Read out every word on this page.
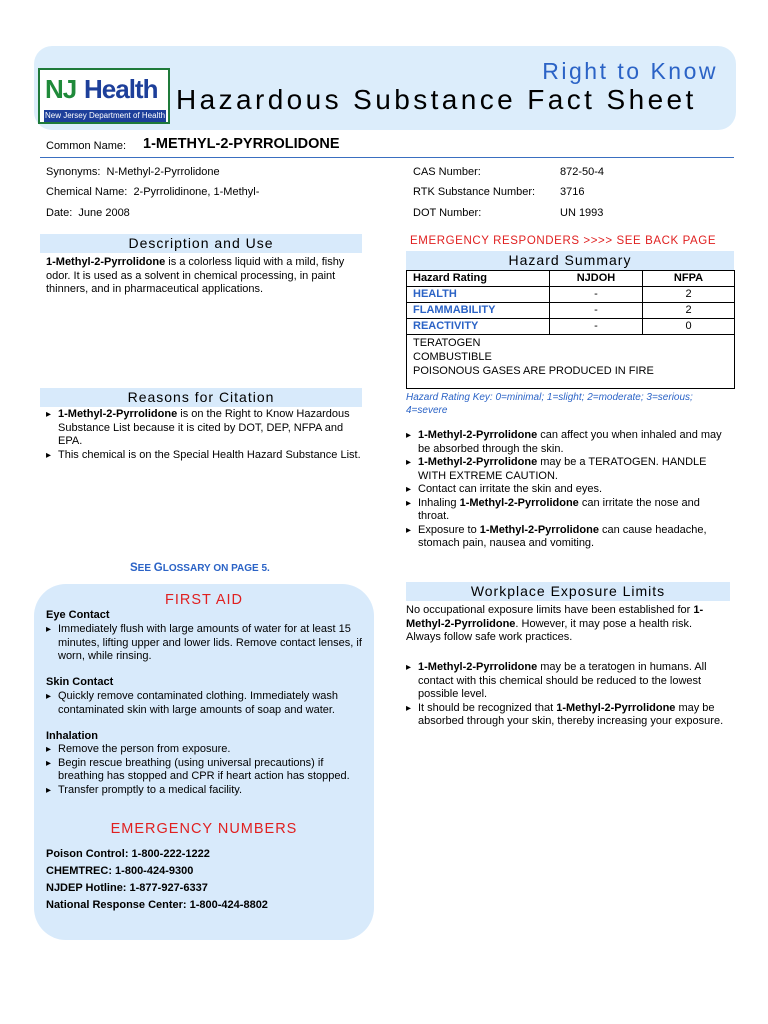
NJ Health
New Jersey Department of Health
Right to Know
Hazardous Substance Fact Sheet
Common Name: 1-METHYL-2-PYRROLIDONE
Synonyms: N-Methyl-2-Pyrrolidone
Chemical Name: 2-Pyrrolidinone, 1-Methyl-
Date: June 2008
CAS Number:	872-50-4
RTK Substance Number: 3716
DOT Number:	UN 1993
Description and Use
1-Methyl-2-Pyrrolidone is a colorless liquid with a mild, fishy
odor. It is used as a solvent in chemical processing, in paint
thinners, and in pharmaceutical applications.
Reasons for Citation
▸ 1-Methyl-2-Pyrrolidone is on the Right to Know Hazardous Substance List because it is cited by DOT, DEP, NFPA and EPA.
▸ This chemical is on the Special Health Hazard Substance List.
SEE GLOSSARY ON PAGE 5.
FIRST AID
Eye Contact
▸ Immediately flush with large amounts of water for at least 15 minutes, lifting upper and lower lids. Remove contact lenses, if worn, while rinsing.
Skin Contact
▸ Quickly remove contaminated clothing. Immediately wash contaminated skin with large amounts of soap and water.
Inhalation
▸ Remove the person from exposure.
▸ Begin rescue breathing (using universal precautions) if breathing has stopped and CPR if heart action has stopped.
▸ Transfer promptly to a medical facility.
EMERGENCY NUMBERS
Poison Control: 1-800-222-1222
CHEMTREC: 1-800-424-9300
NJDEP Hotline: 1-877-927-6337
National Response Center: 1-800-424-8802
EMERGENCY RESPONDERS >>>> SEE BACK PAGE
Hazard Summary
Hazard Rating	NJDOH	NFPA
HEALTH	-	2
FLAMMABILITY	-	2
REACTIVITY	-	0
TERATOGEN
COMBUSTIBLE
POISONOUS GASES ARE PRODUCED IN FIRE		
Hazard Rating Key: 0=minimal; 1=slight; 2=moderate; 3=serious;
4=severe
▸ 1-Methyl-2-Pyrrolidone can affect you when inhaled and may be absorbed through the skin.
▸ 1-Methyl-2-Pyrrolidone may be a TERATOGEN. HANDLE WITH EXTREME CAUTION.
▸ Contact can irritate the skin and eyes.
▸ Inhaling 1-Methyl-2-Pyrrolidone can irritate the nose and throat.
▸ Exposure to 1-Methyl-2-Pyrrolidone can cause headache, stomach pain, nausea and vomiting.
Workplace Exposure Limits
No occupational exposure limits have been established for 1-Methyl-2-Pyrrolidone. However, it may pose a health risk. Always follow safe work practices.
▸ 1-Methyl-2-Pyrrolidone may be a teratogen in humans. All contact with this chemical should be reduced to the lowest possible level.
▸ It should be recognized that 1-Methyl-2-Pyrrolidone may be absorbed through your skin, thereby increasing your exposure.
